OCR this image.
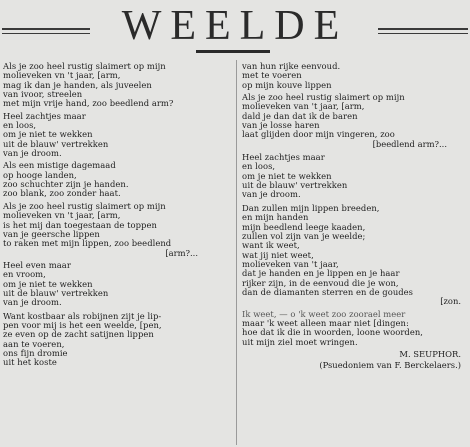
WEELDE
Als je zoo heel rustig slaimert op mijn
molieveken vn 't jaar, [arm,
mag ik dan je handen, als juveelen
van ivoor, streelen
met mijn vrije hand, zoo beedlend arm?
Heel zachtjes maar
en loos,
om je niet te wekken
uit de blauw' vertrekken
van je droom.
Als een mistige dagemaad
op hooge landen,
zoo schuchter zijn je handen.
zoo blank, zoo zonder haat.
Als je zoo heel rustig slaimert op mijn
molieveken vn 't jaar, [arm,
is het mij dan toegestaan de toppen
van je geersche lippen
to raken met mijn lippen, zoo beedlend
[arm?...
Heel even maar
en vroom,
om je niet te wekken
uit de blauw' vertrekken
van je droom.
Want kostbaar als robijnen zijt je lip-
pen voor mij is het een weelde, [pen,
ze even op de zacht satijnen lippen
aan te voeren,
ons fijn dromie
uit het koste
van hun rijke eenvoud.
met te voeren
op mijn kouve lippen
Als je zoo heel rustig slaimert op mijn
molieveken van 't jaar, [arm,
dald je dan dat ik de baren
van je losse haren
laat glijden door mijn vingeren, zoo
[beedlend arm?...
Heel zachtjes maar
en loos,
om je niet te wekken
uit de blauw' vertrekken
van je droom.
Dan zullen mijn lippen breeden,
en mijn handen
mijn beedlend leege kaaden,
zullen vol zijn van je weelde;
want ik weet,
wat jij niet weet,
molieveken van 't jaar,
dat je handen en je lippen en je haar
rijker zijn, in de eenvoud die je won,
dan de diamanten sterren en de goudes
[zon.
Ik weet, — o 'k weet zoo zoorael meer
maar 'k weet alleen maar niet [dingen:
hoe dat ik die in woorden, loone woorden,
uit mijn ziel moet wringen.
M. SEUPHOR.
(Psuedoniem van F. Berckelaers.)
